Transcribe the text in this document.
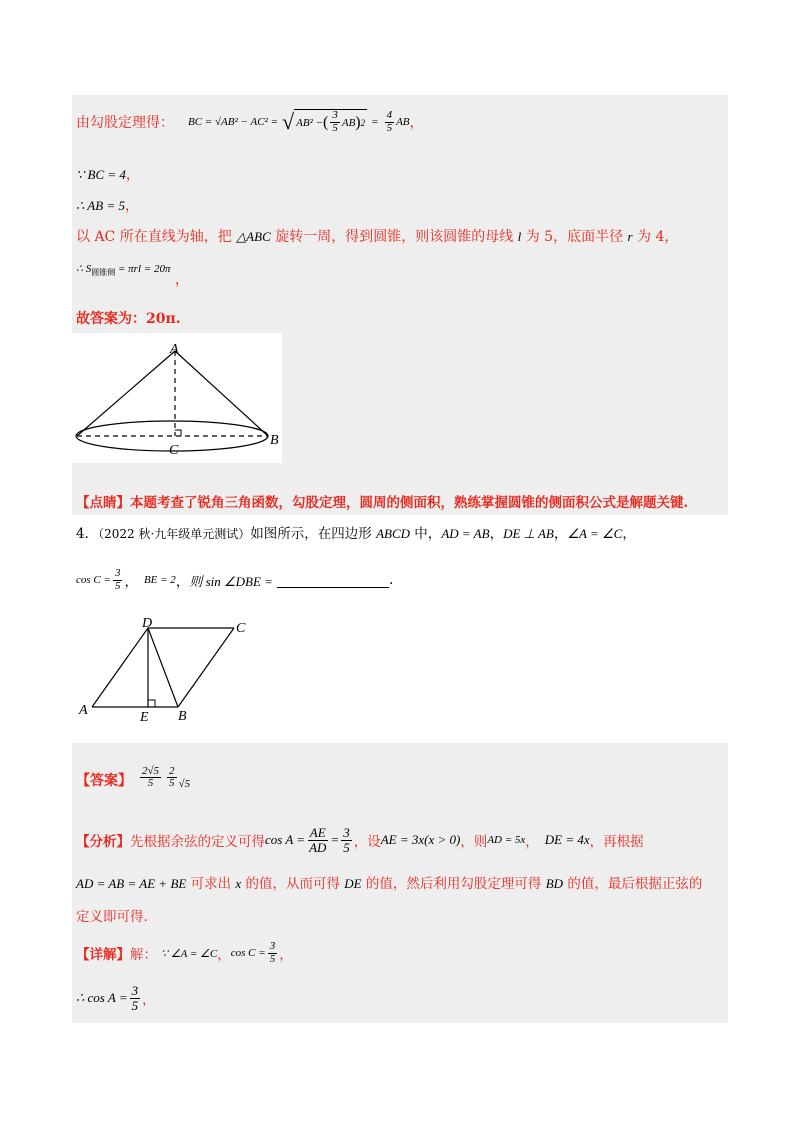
由勾股定理得： BC = √AB² − AC² = √ AB² − ( $\frac{3}{5}$ AB ) $2 = \frac{4}{5}$ AB ，
∵ BC = 4，
∴ AB = 5，
以 AC 所在直线为轴，把 △ABC 旋转一周，得到圆锥，则该圆锥的母线 l 为 5，底面半径 r 为 4，
∴ $S_{圆锥侧} = \pi rl = 20\pi$ ，
故答案为：20π.
A
B
C
【点睛】本题考查了锐角三角函数，勾股定理，圆周的侧面积，熟练掌握圆锥的侧面积公式是解题关键.
4．（2022 秋·九年级单元测试）如图所示，在四边形 ABCD 中，AD = AB，DE ⊥ AB，∠A = ∠C，
$\cos C = \frac{3}{5}$ ， BE = 2 ， 则 sin ∠DBE =	.
A	B
C
D
E
【答案】 $\frac{2√5}{5} \frac{2}{5} √5$
【分析】 先根据余弦的定义可得 $\cos A = \frac{AE}{AD} = \frac{3}{5}$ ，设 AE = 3x(x > 0) ，则 AD = 5x ， DE = 4x ，再根据
AD = AB = AE + BE 可求出 x 的值，从而可得 DE 的值，然后利用勾股定理可得 BD 的值，最后根据正弦的
定义即可得.
【详解】 解： ∵ ∠A = ∠C ， $\cos C = \frac{3}{5}$ ，
∴ $\cos A = \frac{3}{5}$ ，
